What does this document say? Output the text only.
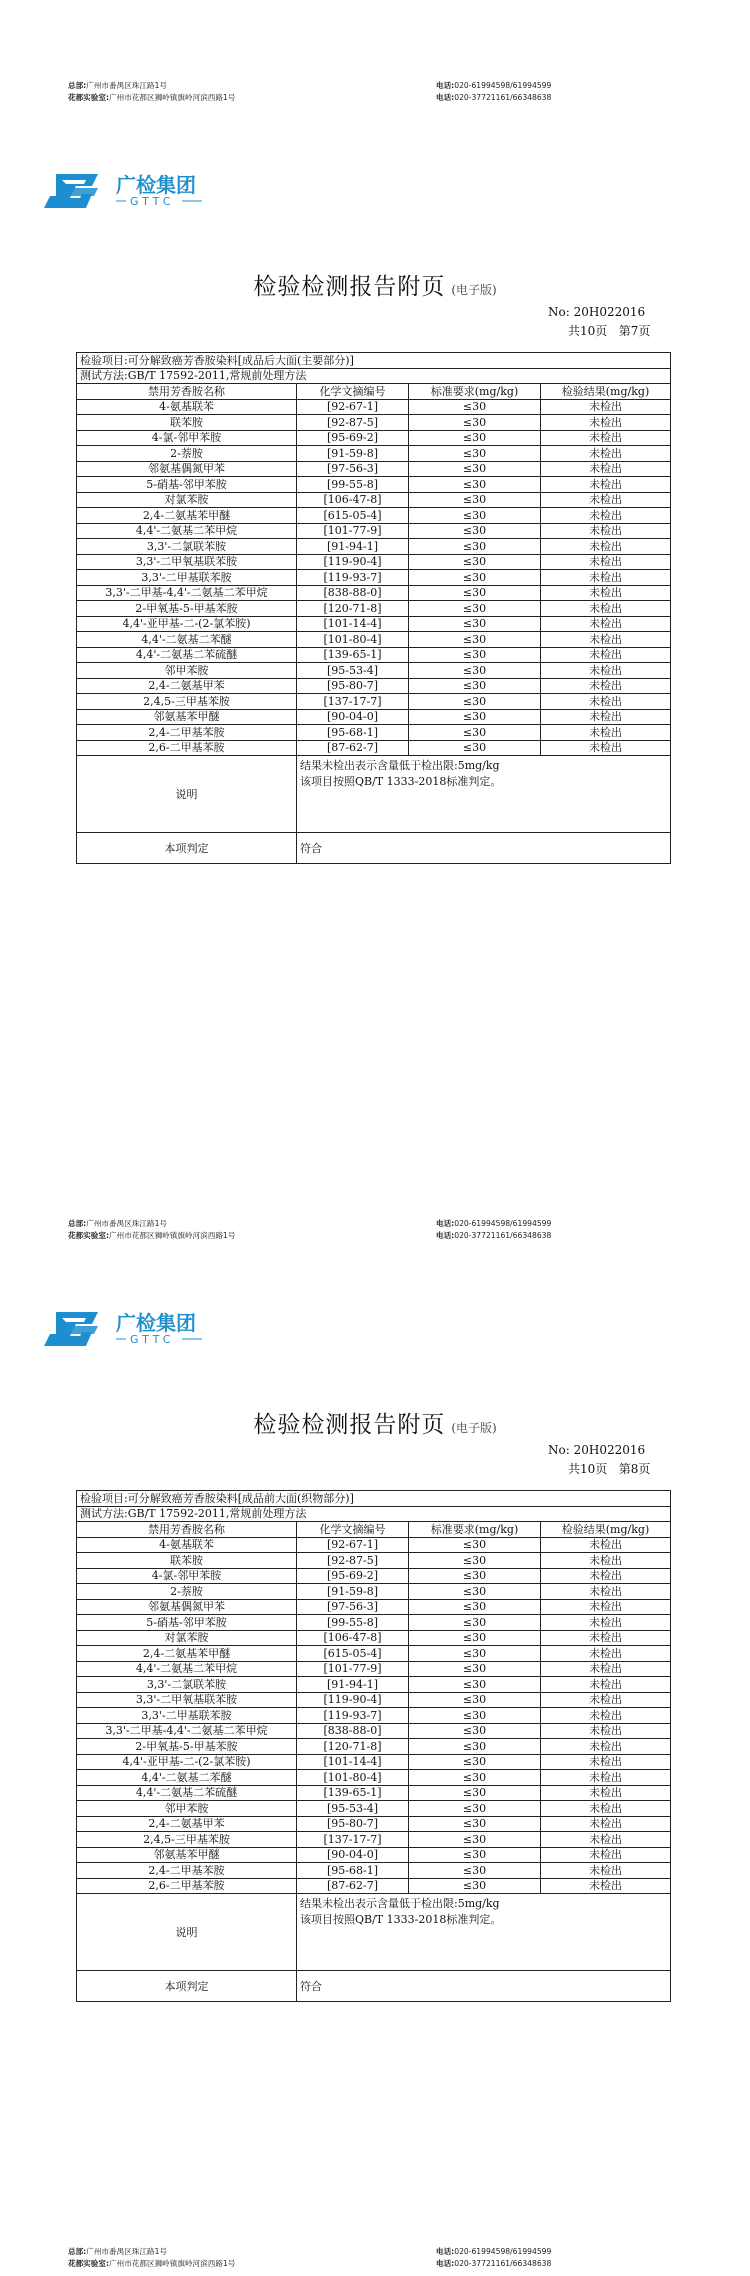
总部:广州市番禺区珠江路1号
花都实验室:广州市花都区狮岭镇旗岭河滨西路1号
电话:020-61994598/61994599
电话:020-37721161/66348638
广检集团
GTTC
检验检测报告附页 (电子版)
No: 20H022016
共10页 第7页
检验项目:可分解致癌芳香胺染料[成品后大面(主要部分)]			
测试方法:GB/T 17592-2011,常规前处理方法			
禁用芳香胺名称	化学文摘编号	标准要求(mg/kg)	检验结果(mg/kg)
4-氨基联苯	[92-67-1]	≤30	未检出
联苯胺	[92-87-5]	≤30	未检出
4-氯-邻甲苯胺	[95-69-2]	≤30	未检出
2-萘胺	[91-59-8]	≤30	未检出
邻氨基偶氮甲苯	[97-56-3]	≤30	未检出
5-硝基-邻甲苯胺	[99-55-8]	≤30	未检出
对氯苯胺	[106-47-8]	≤30	未检出
2,4-二氨基苯甲醚	[615-05-4]	≤30	未检出
4,4'-二氨基二苯甲烷	[101-77-9]	≤30	未检出
3,3'-二氯联苯胺	[91-94-1]	≤30	未检出
3,3'-二甲氧基联苯胺	[119-90-4]	≤30	未检出
3,3'-二甲基联苯胺	[119-93-7]	≤30	未检出
3,3'-二甲基-4,4'-二氨基二苯甲烷	[838-88-0]	≤30	未检出
2-甲氧基-5-甲基苯胺	[120-71-8]	≤30	未检出
4,4'-亚甲基-二-(2-氯苯胺)	[101-14-4]	≤30	未检出
4,4'-二氨基二苯醚	[101-80-4]	≤30	未检出
4,4'-二氨基二苯硫醚	[139-65-1]	≤30	未检出
邻甲苯胺	[95-53-4]	≤30	未检出
2,4-二氨基甲苯	[95-80-7]	≤30	未检出
2,4,5-三甲基苯胺	[137-17-7]	≤30	未检出
邻氨基苯甲醚	[90-04-0]	≤30	未检出
2,4-二甲基苯胺	[95-68-1]	≤30	未检出
2,6-二甲基苯胺	[87-62-7]	≤30	未检出
说明	结果未检出表示含量低于检出限:5mg/kg
该项目按照QB/T 1333-2018标准判定。		

本项判定	符合		
总部:广州市番禺区珠江路1号
花都实验室:广州市花都区狮岭镇旗岭河滨西路1号
电话:020-61994598/61994599
电话:020-37721161/66348638
广检集团
GTTC
检验检测报告附页 (电子版)
No: 20H022016
共10页 第8页
检验项目:可分解致癌芳香胺染料[成品前大面(织物部分)]			
测试方法:GB/T 17592-2011,常规前处理方法			
禁用芳香胺名称	化学文摘编号	标准要求(mg/kg)	检验结果(mg/kg)
4-氨基联苯	[92-67-1]	≤30	未检出
联苯胺	[92-87-5]	≤30	未检出
4-氯-邻甲苯胺	[95-69-2]	≤30	未检出
2-萘胺	[91-59-8]	≤30	未检出
邻氨基偶氮甲苯	[97-56-3]	≤30	未检出
5-硝基-邻甲苯胺	[99-55-8]	≤30	未检出
对氯苯胺	[106-47-8]	≤30	未检出
2,4-二氨基苯甲醚	[615-05-4]	≤30	未检出
4,4'-二氨基二苯甲烷	[101-77-9]	≤30	未检出
3,3'-二氯联苯胺	[91-94-1]	≤30	未检出
3,3'-二甲氧基联苯胺	[119-90-4]	≤30	未检出
3,3'-二甲基联苯胺	[119-93-7]	≤30	未检出
3,3'-二甲基-4,4'-二氨基二苯甲烷	[838-88-0]	≤30	未检出
2-甲氧基-5-甲基苯胺	[120-71-8]	≤30	未检出
4,4'-亚甲基-二-(2-氯苯胺)	[101-14-4]	≤30	未检出
4,4'-二氨基二苯醚	[101-80-4]	≤30	未检出
4,4'-二氨基二苯硫醚	[139-65-1]	≤30	未检出
邻甲苯胺	[95-53-4]	≤30	未检出
2,4-二氨基甲苯	[95-80-7]	≤30	未检出
2,4,5-三甲基苯胺	[137-17-7]	≤30	未检出
邻氨基苯甲醚	[90-04-0]	≤30	未检出
2,4-二甲基苯胺	[95-68-1]	≤30	未检出
2,6-二甲基苯胺	[87-62-7]	≤30	未检出
说明	结果未检出表示含量低于检出限:5mg/kg
该项目按照QB/T 1333-2018标准判定。		

本项判定	符合		
总部:广州市番禺区珠江路1号
花都实验室:广州市花都区狮岭镇旗岭河滨西路1号
电话:020-61994598/61994599
电话:020-37721161/66348638
